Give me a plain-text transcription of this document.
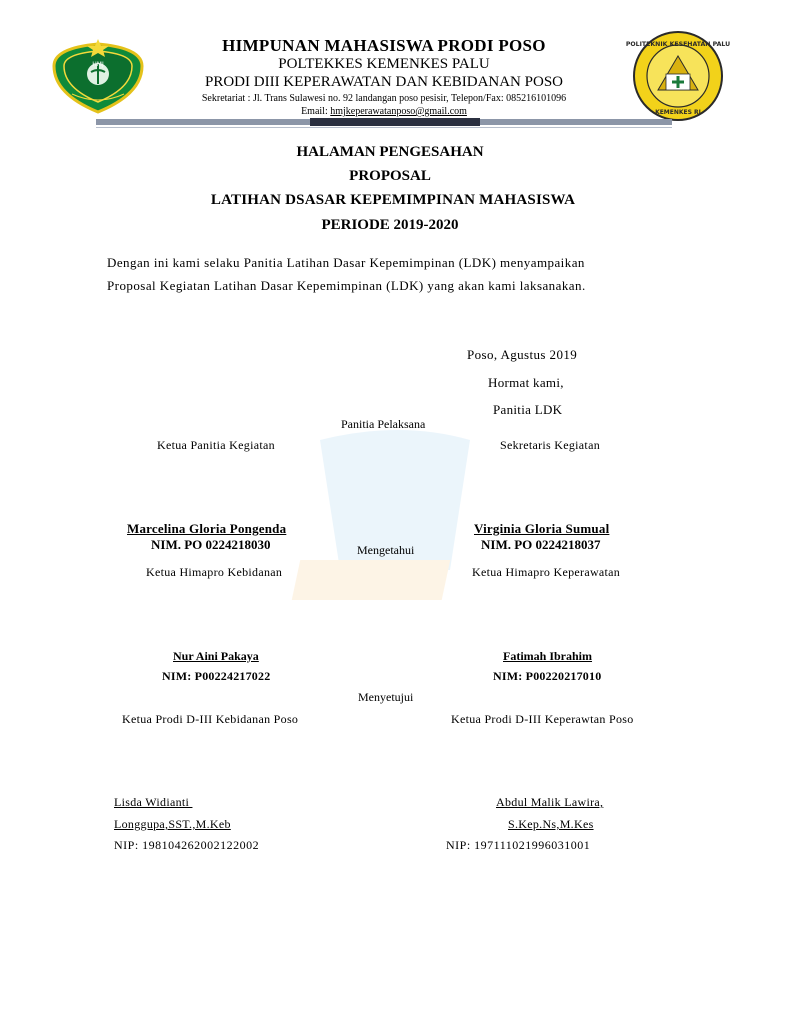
HMJ
POLITEKNIK KESEHATAN PALU
KEMENKES RI
HIMPUNAN MAHASISWA PRODI POSO
POLTEKKES KEMENKES PALU
PRODI DIII KEPERAWATAN DAN KEBIDANAN POSO
Sekretariat : Jl. Trans Sulawesi no. 92 landangan poso pesisir, Telepon/Fax: 085216101096
Email: hmjkeperawatanposo@gmail.com
HALAMAN PENGESAHAN
PROPOSAL
LATIHAN DSASAR KEPEMIMPINAN MAHASISWA
PERIODE 2019-2020
Dengan ini kami selaku Panitia Latihan Dasar Kepemimpinan (LDK) menyampaikan
Proposal Kegiatan Latihan Dasar Kepemimpinan (LDK) yang akan kami laksanakan.
Poso, Agustus 2019
Hormat kami,
Panitia LDK
Panitia Pelaksana
Ketua Panitia Kegiatan	Sekretaris Kegiatan
Marcelina Gloria Pongenda
NIM. PO 0224218030
Virginia Gloria Sumual
NIM. PO 0224218037
Mengetahui
Ketua Himapro Kebidanan	Ketua Himapro Keperawatan
Nur Aini Pakaya
NIM: P00224217022
Fatimah Ibrahim
NIM: P00220217010
Menyetujui
Ketua Prodi D-III Kebidanan Poso	Ketua Prodi D-III Keperawtan Poso
Lisda Widianti
Longgupa,SST.,M.Keb
NIP: 198104262002122002
Abdul Malik Lawira,
S.Kep.Ns,M.Kes
NIP: 197111021996031001
